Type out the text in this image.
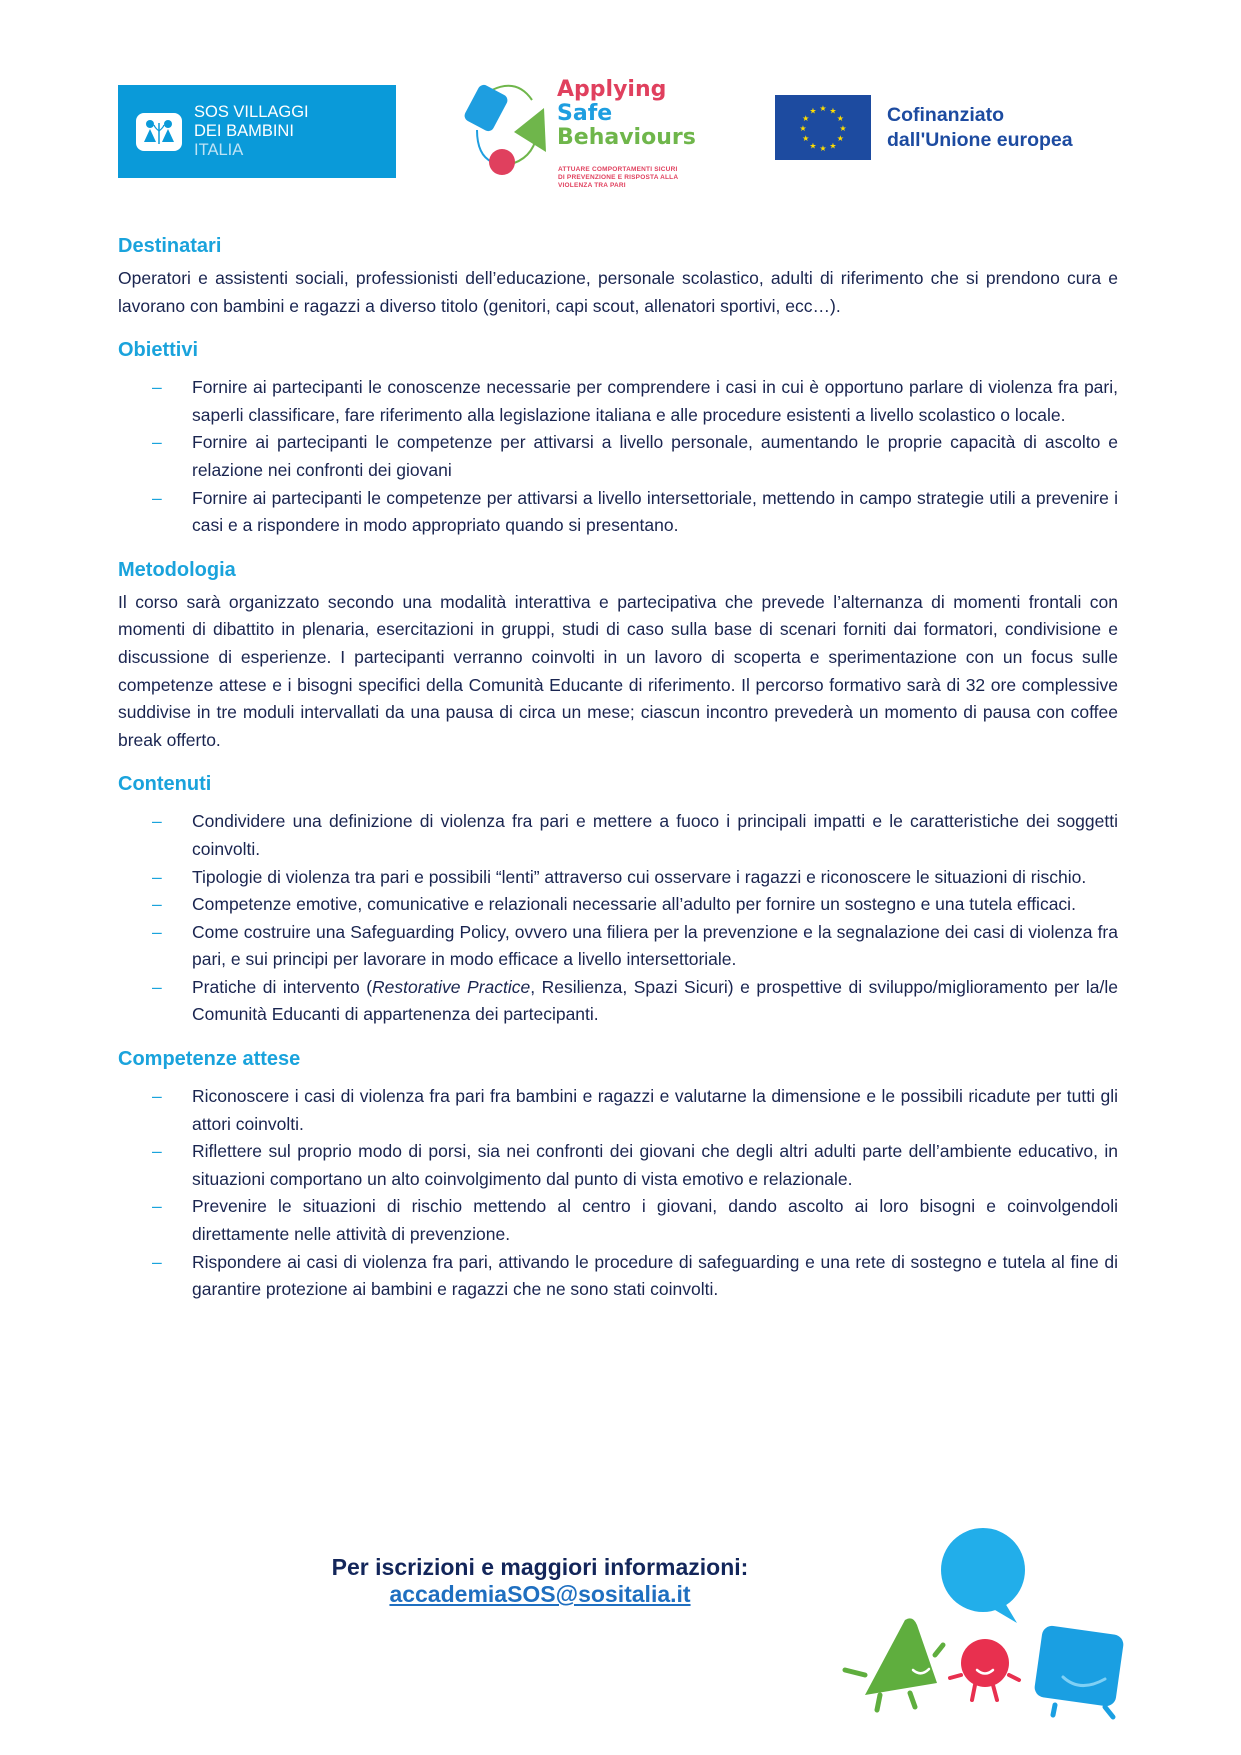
SOS VILLAGGI
DEI BAMBINI
ITALIA
Applying
Safe
Behaviours
ATTUARE COMPORTAMENTI SICURI
DI PREVENZIONE E RISPOSTA ALLA
VIOLENZA TRA PARI
★ ★
★
★
★
★
★
★
★
★
★
★	Cofinanziato
dall'Unione europea
Destinatari

Operatori e assistenti sociali, professionisti dell’educazione, personale scolastico, adulti di riferimento che si prendono cura e lavorano con bambini e ragazzi a diverso titolo (genitori, capi scout, allenatori sportivi, ecc…).

Obiettivi
– Fornire ai partecipanti le conoscenze necessarie per comprendere i casi in cui è opportuno parlare di violenza fra pari, saperli classificare, fare riferimento alla legislazione italiana e alle procedure esistenti a livello scolastico o locale.
– Fornire ai partecipanti le competenze per attivarsi a livello personale, aumentando le proprie capacità di ascolto e relazione nei confronti dei giovani
– Fornire ai partecipanti le competenze per attivarsi a livello intersettoriale, mettendo in campo strategie utili a prevenire i casi e a rispondere in modo appropriato quando si presentano.
Metodologia

Il corso sarà organizzato secondo una modalità interattiva e partecipativa che prevede l’alternanza di momenti frontali con momenti di dibattito in plenaria, esercitazioni in gruppi, studi di caso sulla base di scenari forniti dai formatori, condivisione e discussione di esperienze. I partecipanti verranno coinvolti in un lavoro di scoperta e sperimentazione con un focus sulle competenze attese e i bisogni specifici della Comunità Educante di riferimento. Il percorso formativo sarà di 32 ore complessive suddivise in tre moduli intervallati da una pausa di circa un mese; ciascun incontro prevederà un momento di pausa con coffee break offerto.

Contenuti
– Condividere una definizione di violenza fra pari e mettere a fuoco i principali impatti e le caratteristiche dei soggetti coinvolti.
– Tipologie di violenza tra pari e possibili “lenti” attraverso cui osservare i ragazzi e riconoscere le situazioni di rischio.
– Competenze emotive, comunicative e relazionali necessarie all’adulto per fornire un sostegno e una tutela efficaci.
– Come costruire una Safeguarding Policy, ovvero una filiera per la prevenzione e la segnalazione dei casi di violenza fra pari, e sui principi per lavorare in modo efficace a livello intersettoriale.
– Pratiche di intervento (Restorative Practice, Resilienza, Spazi Sicuri) e prospettive di sviluppo/miglioramento per la/le Comunità Educanti di appartenenza dei partecipanti.
Competenze attese
– Riconoscere i casi di violenza fra pari fra bambini e ragazzi e valutarne la dimensione e le possibili ricadute per tutti gli attori coinvolti.
– Riflettere sul proprio modo di porsi, sia nei confronti dei giovani che degli altri adulti parte dell’ambiente educativo, in situazioni comportano un alto coinvolgimento dal punto di vista emotivo e relazionale.
– Prevenire le situazioni di rischio mettendo al centro i giovani, dando ascolto ai loro bisogni e coinvolgendoli direttamente nelle attività di prevenzione.
– Rispondere ai casi di violenza fra pari, attivando le procedure di safeguarding e una rete di sostegno e tutela al fine di garantire protezione ai bambini e ragazzi che ne sono stati coinvolti.
Per iscrizioni e maggiori informazioni:
accademiaSOS@sositalia.it
